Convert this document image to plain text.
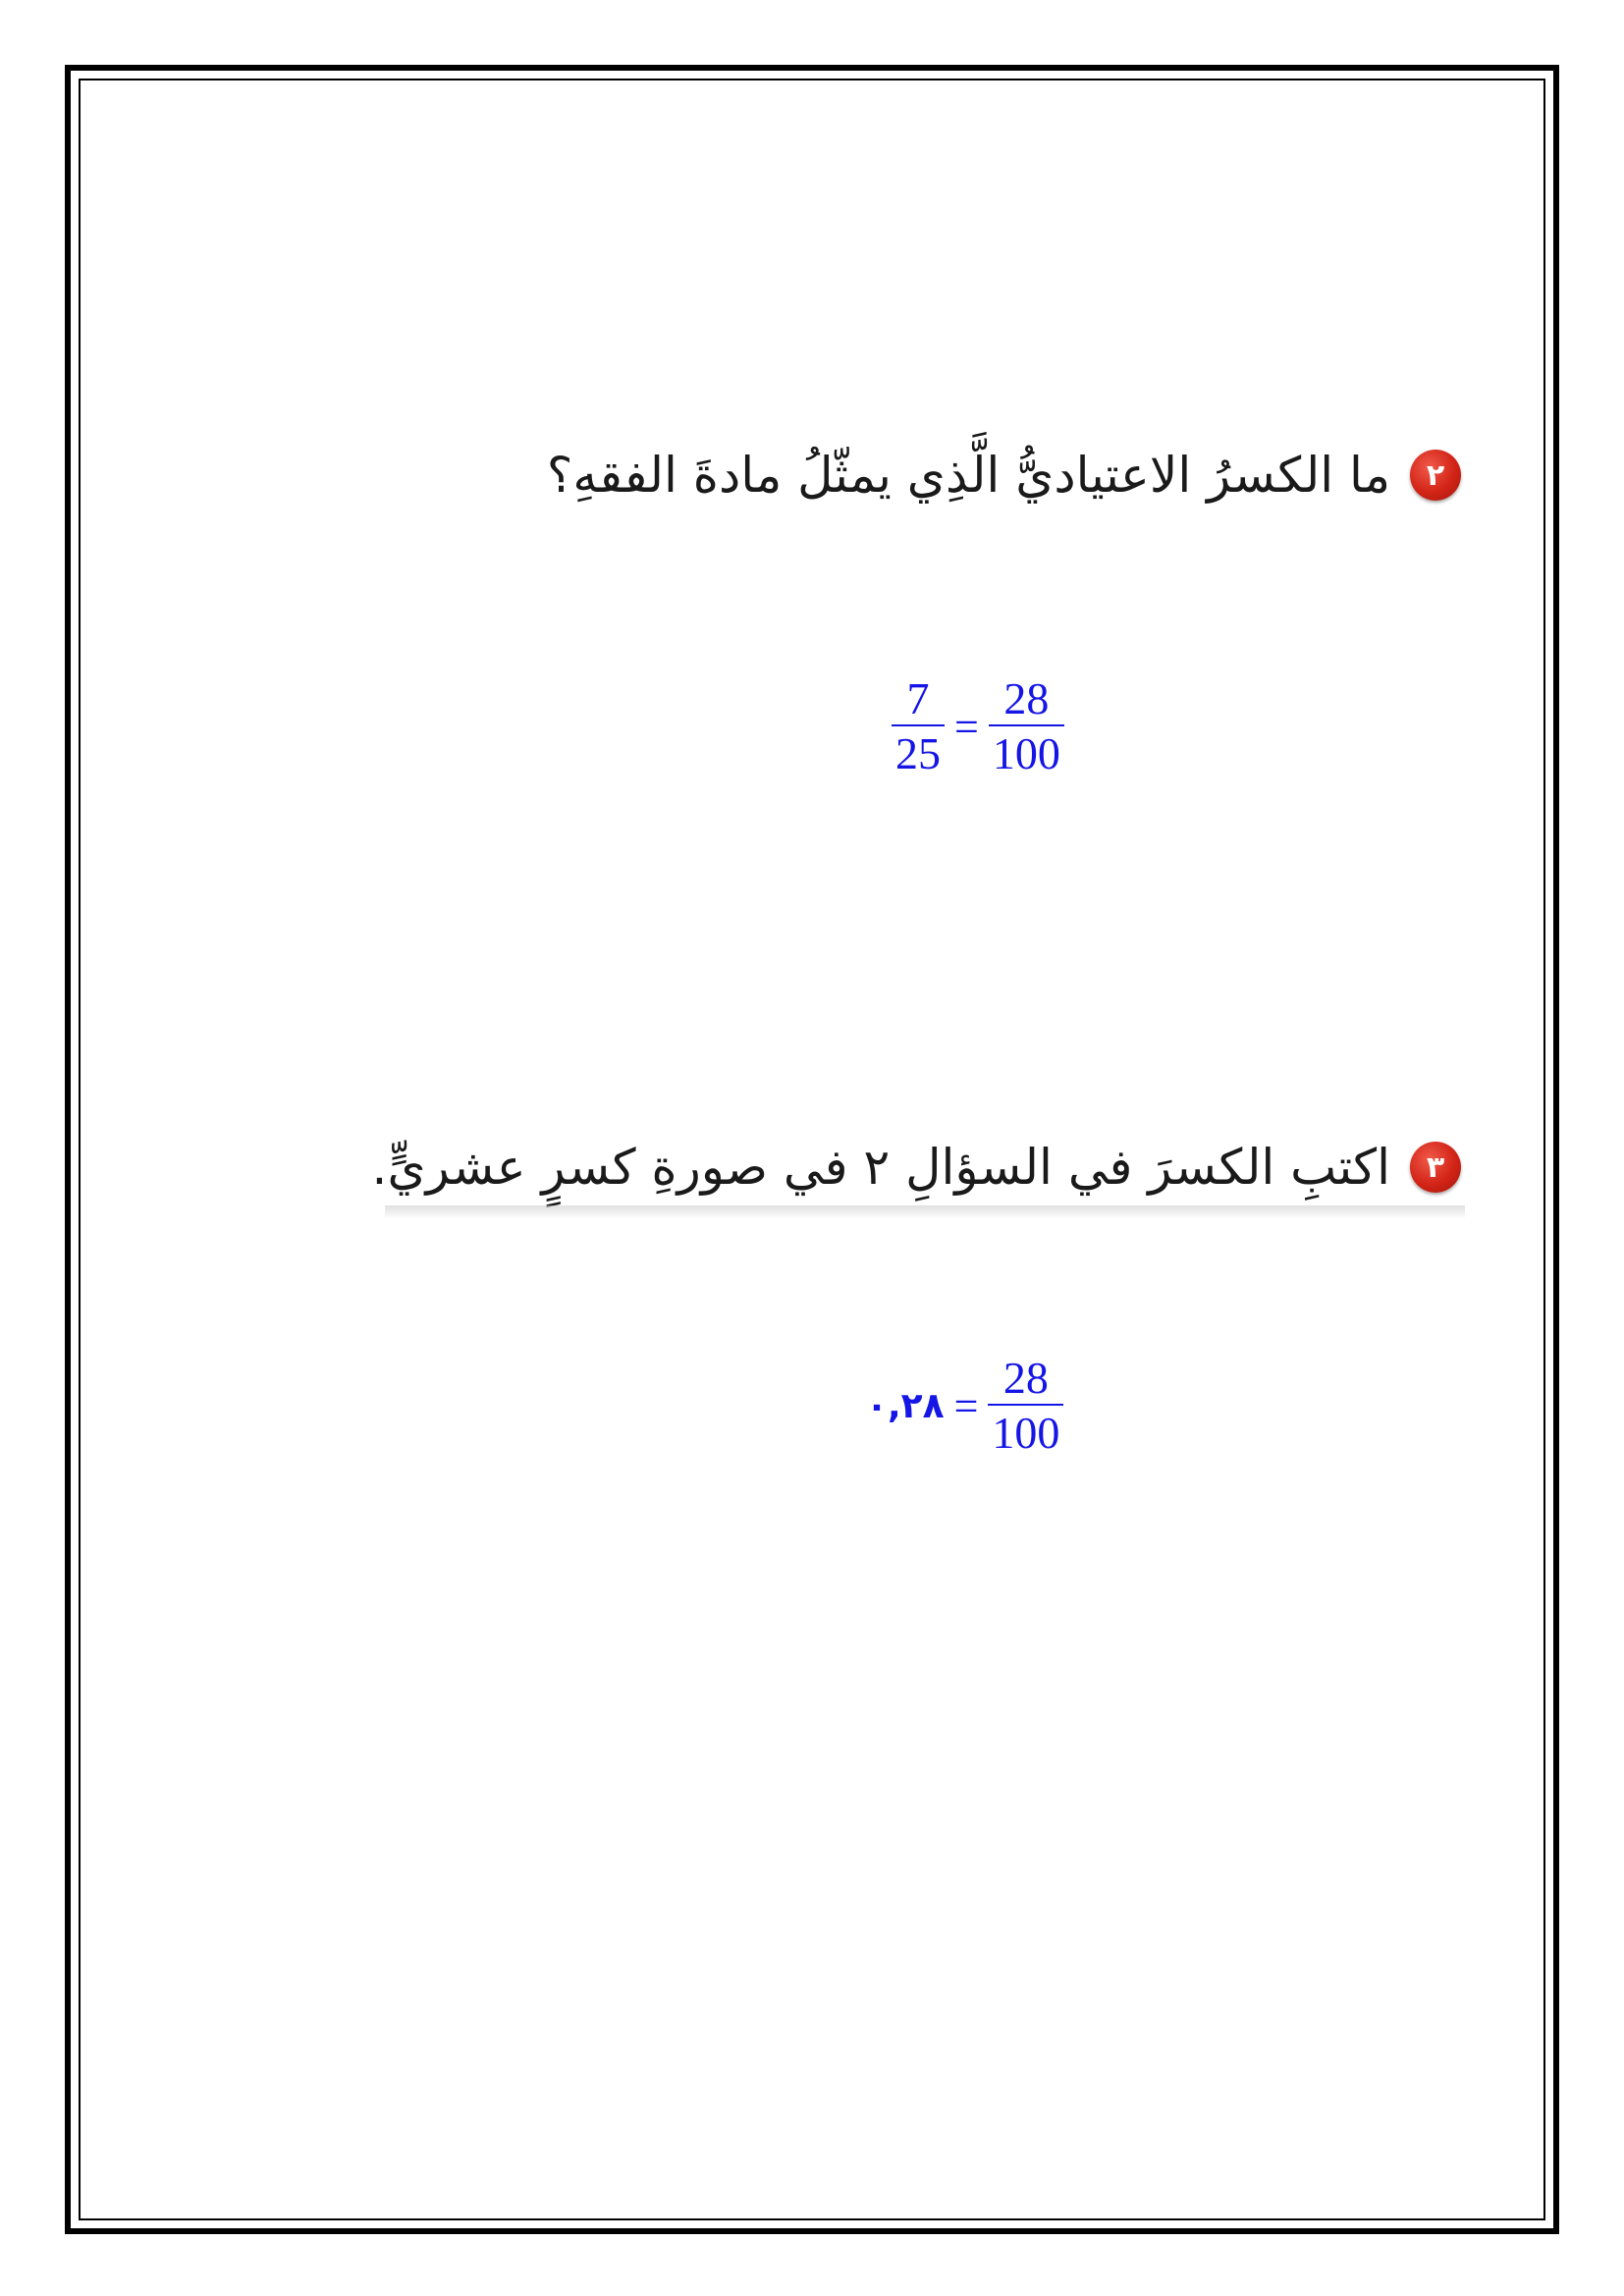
٢
ما الكسرُ الاعتياديُّ الَّذِي يمثّلُ مادةَ الفقهِ؟
$\frac{7}{25} = \frac{28}{100}$
٣
اكتبِ الكسرَ في السؤالِ ٢ في صورةِ كسرٍ عشريٍّ.
٠,٢٨ = $\frac{28}{100}$
